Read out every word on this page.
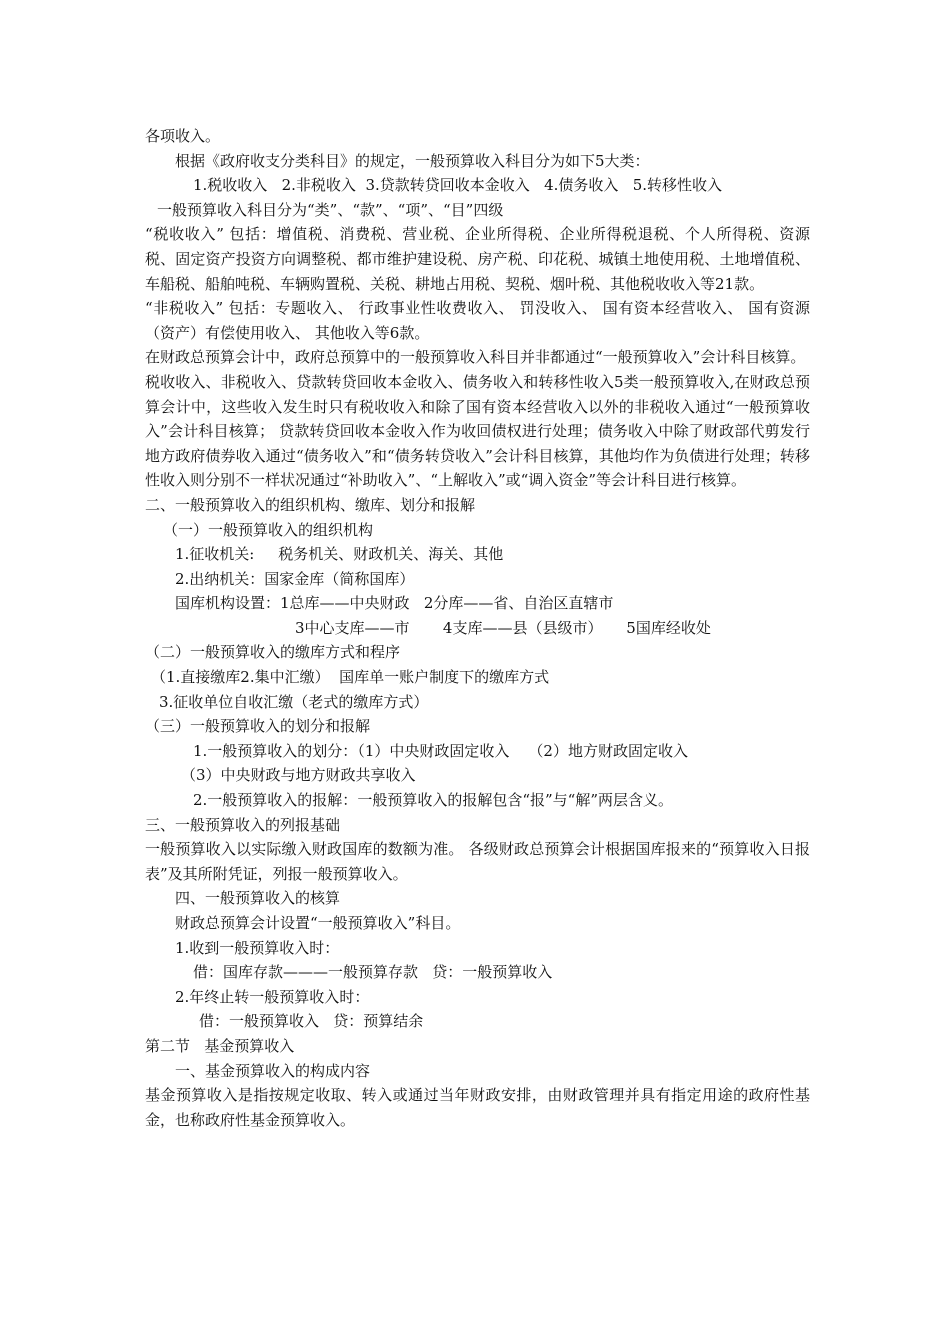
各项收入。
根据《政府收支分类科目》的规定，一般预算收入科目分为如下5大类：
1.税收收入   2.非税收入  3.贷款转贷回收本金收入   4.债务收入   5.转移性收入
一般预算收入科目分为“类”、“款”、“项”、“目”四级
“税收收入” 包括：增值税、消费税、营业税、企业所得税、企业所得税退税、个人所得税、资源税、固定资产投资方向调整税、都市维护建设税、房产税、印花税、城镇土地使用税、土地增值税、车船税、船舶吨税、车辆购置税、关税、耕地占用税、契税、烟叶税、其他税收收入等21款。
“非税收入” 包括：专题收入、 行政事业性收费收入、 罚没收入、 国有资本经营收入、 国有资源（资产）有偿使用收入、 其他收入等6款。
在财政总预算会计中，政府总预算中的一般预算收入科目并非都通过“一般预算收入”会计科目核算。
税收收入、非税收入、贷款转贷回收本金收入、债务收入和转移性收入5类一般预算收入,在财政总预算会计中，这些收入发生时只有税收收入和除了国有资本经营收入以外的非税收入通过“一般预算收入”会计科目核算； 贷款转贷回收本金收入作为收回债权进行处理；债务收入中除了财政部代剪发行地方政府债券收入通过“债务收入”和“债务转贷收入”会计科目核算，其他均作为负债进行处理；转移性收入则分别不一样状况通过“补助收入”、“上解收入”或“调入资金”等会计科目进行核算。
二、一般预算收入的组织机构、缴库、划分和报解
（一）一般预算收入的组织机构
1.征收机关:     税务机关、财政机关、海关、其他
2.出纳机关：国家金库（简称国库）
国库机构设置：1总库——中央财政   2分库——省、自治区直辖市
3中心支库——市       4支库——县（县级市）     5国库经收处
（二）一般预算收入的缴库方式和程序
（1.直接缴库2.集中汇缴）  国库单一账户制度下的缴库方式
3.征收单位自收汇缴（老式的缴库方式）
（三）一般预算收入的划分和报解
1.一般预算收入的划分：（1）中央财政固定收入    （2）地方财政固定收入
（3）中央财政与地方财政共享收入
2.一般预算收入的报解：一般预算收入的报解包含“报”与“解”两层含义。
三、一般预算收入的列报基础
一般预算收入以实际缴入财政国库的数额为准。 各级财政总预算会计根据国库报来的“预算收入日报表”及其所附凭证，列报一般预算收入。
四、一般预算收入的核算
财政总预算会计设置“一般预算收入”科目。
1.收到一般预算收入时：
借：国库存款———一般预算存款   贷：一般预算收入
2.年终止转一般预算收入时：
借：一般预算收入   贷：预算结余
第二节   基金预算收入
一、基金预算收入的构成内容
基金预算收入是指按规定收取、转入或通过当年财政安排，由财政管理并具有指定用途的政府性基金，也称政府性基金预算收入。
